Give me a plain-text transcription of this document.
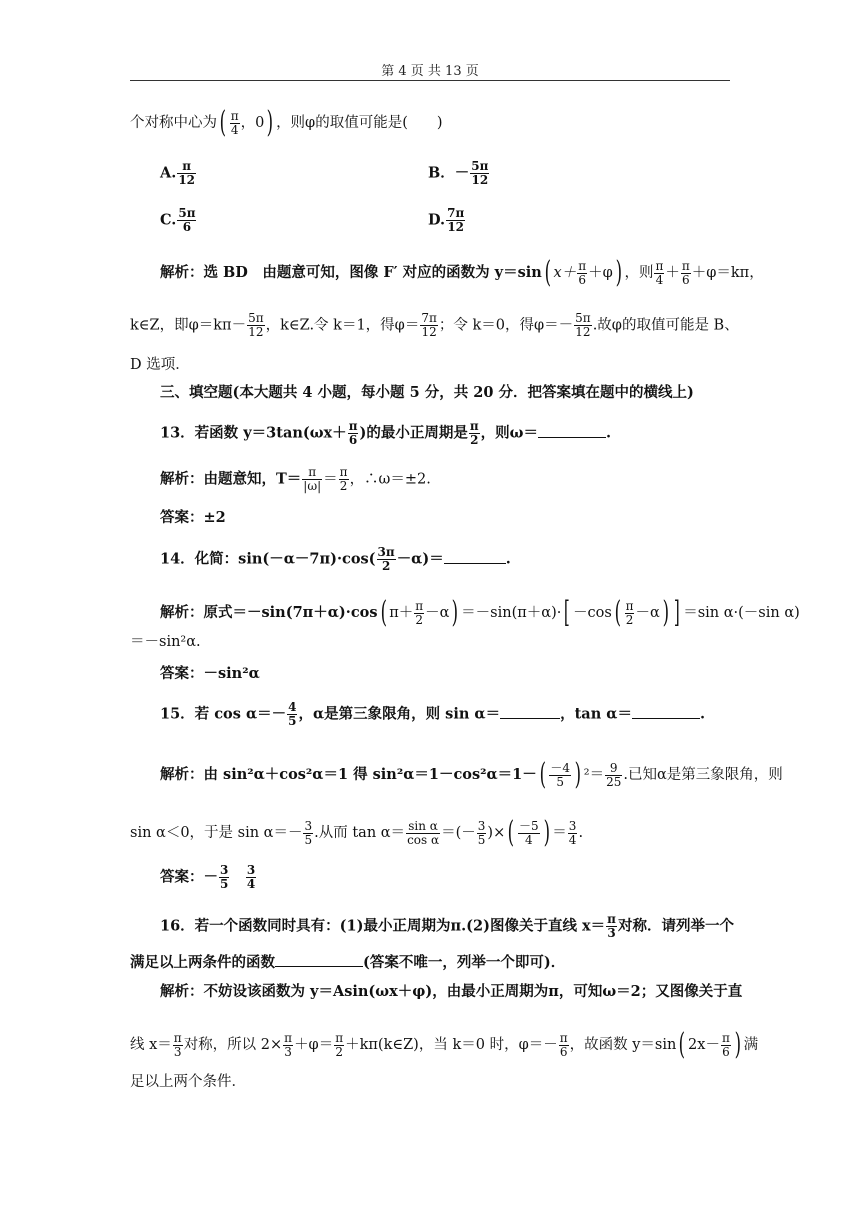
第 4 页 共 13 页
个对称中心为( $\frac{\pi}{4}$ ，0) ，则φ的取值可能是(　　)
A. $\frac{\pi}{12}$	B．－ $\frac{5\pi}{12}$
C. $\frac{5\pi}{6}$	D. $\frac{7\pi}{12}$
解析：选 BD　由题意可知，图像 F′ 对应的函数为 y＝sin( $x+ \frac{\pi}{6} +\varphi$) ，则 $\frac{\pi}{4} + \frac{\pi}{6} +\varphi=k\pi$，
k∈Z，即$\varphi=k\pi- \frac{5\pi}{12}$ ，k∈Z.令 k＝1，得$\varphi= \frac{7\pi}{12}$ ；令 k＝0，得$\varphi=- \frac{5\pi}{12}$ .故φ的取值可能是 B、
D 选项．
三、填空题(本大题共 4 小题，每小题 5 分，共 20 分．把答案填在题中的横线上)
13．若函数 $y=3\tan(\omega x+ \frac{\pi}{6}$ )的最小正周期是 $\frac{\pi}{2}$ ，则ω＝	.
解析：由题意知，$T= \frac{\pi}{|\omega|} = \frac{\pi}{2}$ ，∴ω＝±2.
答案：±2
14．化简：$\sin(-\alpha-7\pi)\cdot\cos( \frac{3\pi}{2} -\alpha)=$	.
解析：原式＝－sin(7π＋α)·cos( $\pi+ \frac{\pi}{2} -\alpha) =-\sin(\pi+\alpha)\cdot[ -\cos( \frac{\pi}{2} -\alpha)$ ] ＝sin α·(－sin α)
＝－sin²α.
答案：－sin²α
15．若 $\cos \alpha=- \frac{4}{5}$ ，α是第三象限角，则 sin α＝	，tan α＝	.
解析：由 sin²α＋cos²α＝1 得 $\sin^2\alpha=1-\cos^2\alpha=1-( \frac{-4}{5}$ ) $^2= \frac{9}{25}$ .已知α是第三象限角，则
sin α＜0，于是 $\sin \alpha=- \frac{3}{5}$ .从而 $\tan \alpha= \frac{\text{sin α}}{\text{cos α}}$ ＝(－ $\frac{3}{5}$ )×( $\frac{-5}{4}$ ) ＝ $\frac{3}{4}$ .
答案：－ $\frac{3}{5}$
　 $\frac{3}{4}$
16．若一个函数同时具有：(1)最小正周期为π.(2)图像关于直线 $x= \frac{\pi}{3}$ 对称．请列举一个
满足以上两条件的函数	(答案不唯一，列举一个即可)．
解析：不妨设该函数为 y＝Asin(ωx＋φ)，由最小正周期为π，可知ω＝2；又图像关于直
线 $x= \frac{\pi}{3}$ 对称，所以 $2\times \frac{\pi}{3} +\varphi= \frac{\pi}{2}$ ＋kπ(k∈Z)，当 k＝0 时，$\varphi=- \frac{\pi}{6}$ ，故函数 y＝sin( $2x- \frac{\pi}{6}$ ) 满
足以上两个条件．
